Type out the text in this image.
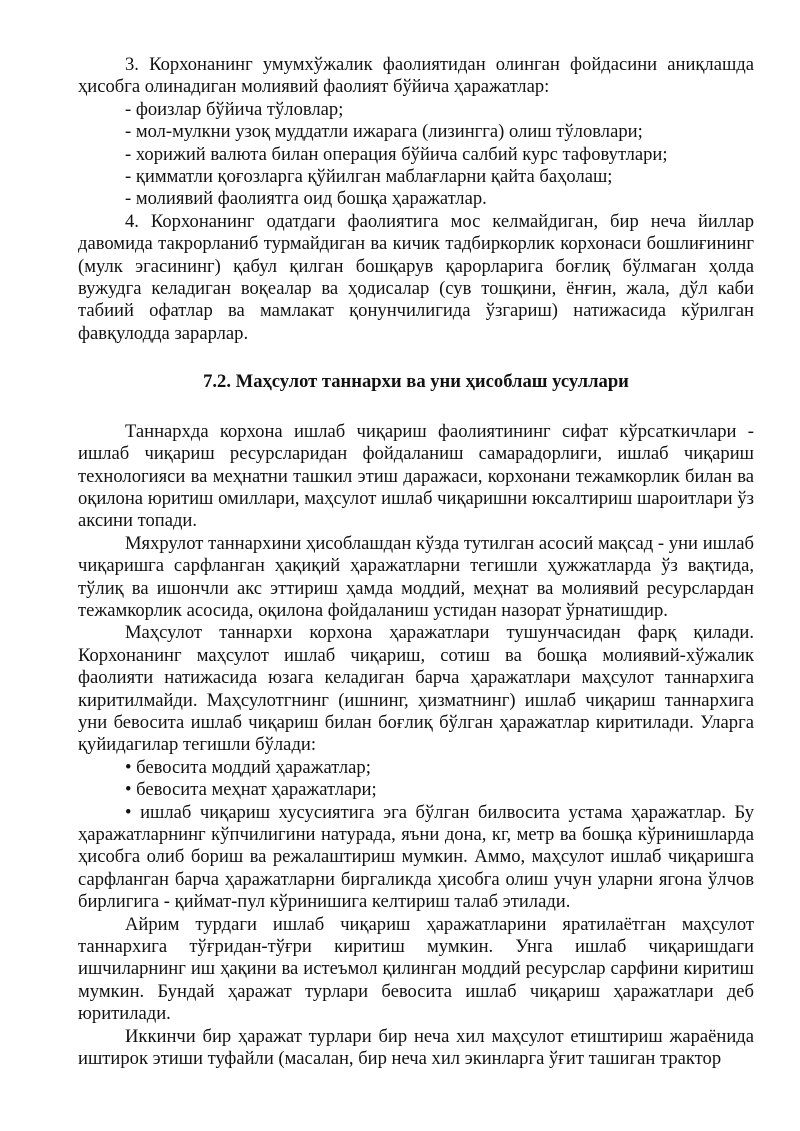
3. Корхонанинг умумхўжалик фаолиятидан олинган фойдасини аниқлашда ҳисобга олинадиган молиявий фаолият бўйича ҳаражатлар:

- фоизлар бўйича тўловлар;

- мол-мулкни узоқ муддатли ижарага (лизингга) олиш тўловлари;

- хорижий валюта билан операция бўйича салбий курс тафовутлари;

- қимматли қоғозларга қўйилган маблағларни қайта баҳолаш;

- молиявий фаолиятга оид бошқа ҳаражатлар.

4. Корхонанинг одатдаги фаолиятига мос келмайдиган, бир неча йиллар давомида такрорланиб турмайдиган ва кичик тадбиркорлик корхонаси бошлиғининг (мулк эгасининг) қабул қилган бошқарув қарорларига боғлиқ бўлмаган ҳолда вужудга келадиган воқеалар ва ҳодисалар (сув тошқини, ёнғин, жала, дўл каби табиий офатлар ва мамлакат қонунчилигида ўзгариш) натижасида кўрилган фавқулодда зарарлар.

7.2. Маҳсулот таннархи ва уни ҳисоблаш усуллари

Таннархда корхона ишлаб чиқариш фаолиятининг сифат кўрсаткичлари - ишлаб чиқариш ресурсларидан фойдаланиш самарадорлиги, ишлаб чиқариш технологияси ва меҳнатни ташкил этиш даражаси, корхонани тежамкорлик билан ва оқилона юритиш омиллари, маҳсулот ишлаб чиқаришни юксалтириш шароитлари ўз аксини топади.

Мяхрулот таннархини ҳисоблашдан кўзда тутилган асосий мақсад - уни ишлаб чиқаришга сарфланган ҳақиқий ҳаражатларни тегишли ҳужжатларда ўз вақтида, тўлиқ ва ишончли акс эттириш ҳамда моддий, меҳнат ва молиявий ресурслардан тежамкорлик асосида, оқилона фойдаланиш устидан назорат ўрнатишдир.

Маҳсулот таннархи корхона ҳаражатлари тушунчасидан фарқ қилади. Корхонанинг маҳсулот ишлаб чиқариш, сотиш ва бошқа молиявий-хўжалик фаолияти натижасида юзага келадиган барча ҳаражатлари маҳсулот таннархига киритилмайди. Маҳсулотгнинг (ишнинг, ҳизматнинг) ишлаб чиқариш таннархига уни бевосита ишлаб чиқариш билан боғлиқ бўлган ҳаражатлар киритилади. Уларга қуйидагилар тегишли бўлади:

• бевосита моддий ҳаражатлар;

• бевосита меҳнат ҳаражатлари;

• ишлаб чиқариш хусусиятига эга бўлган билвосита устама ҳаражатлар. Бу ҳаражатларнинг кўпчилигини натурада, яъни дона, кг, метр ва бошқа кўринишларда ҳисобга олиб бориш ва режалаштириш мумкин. Аммо, маҳсулот ишлаб чиқаришга сарфланган барча ҳаражатларни биргаликда ҳисобга олиш учун уларни ягона ўлчов бирлигига - қиймат-пул кўринишига келтириш талаб этилади.

Айрим турдаги ишлаб чиқариш ҳаражатларини яратилаётган маҳсулот таннархига тўғридан-тўғри киритиш мумкин. Унга ишлаб чиқаришдаги ишчиларнинг иш ҳақини ва истеъмол қилинган моддий ресурслар сарфини киритиш мумкин. Бундай ҳаражат турлари бевосита ишлаб чиқариш ҳаражатлари деб юритилади.

Иккинчи бир ҳаражат турлари бир неча хил маҳсулот етиштириш жараёнида иштирок этиши туфайли (масалан, бир неча хил экинларга ўғит ташиган трактор
